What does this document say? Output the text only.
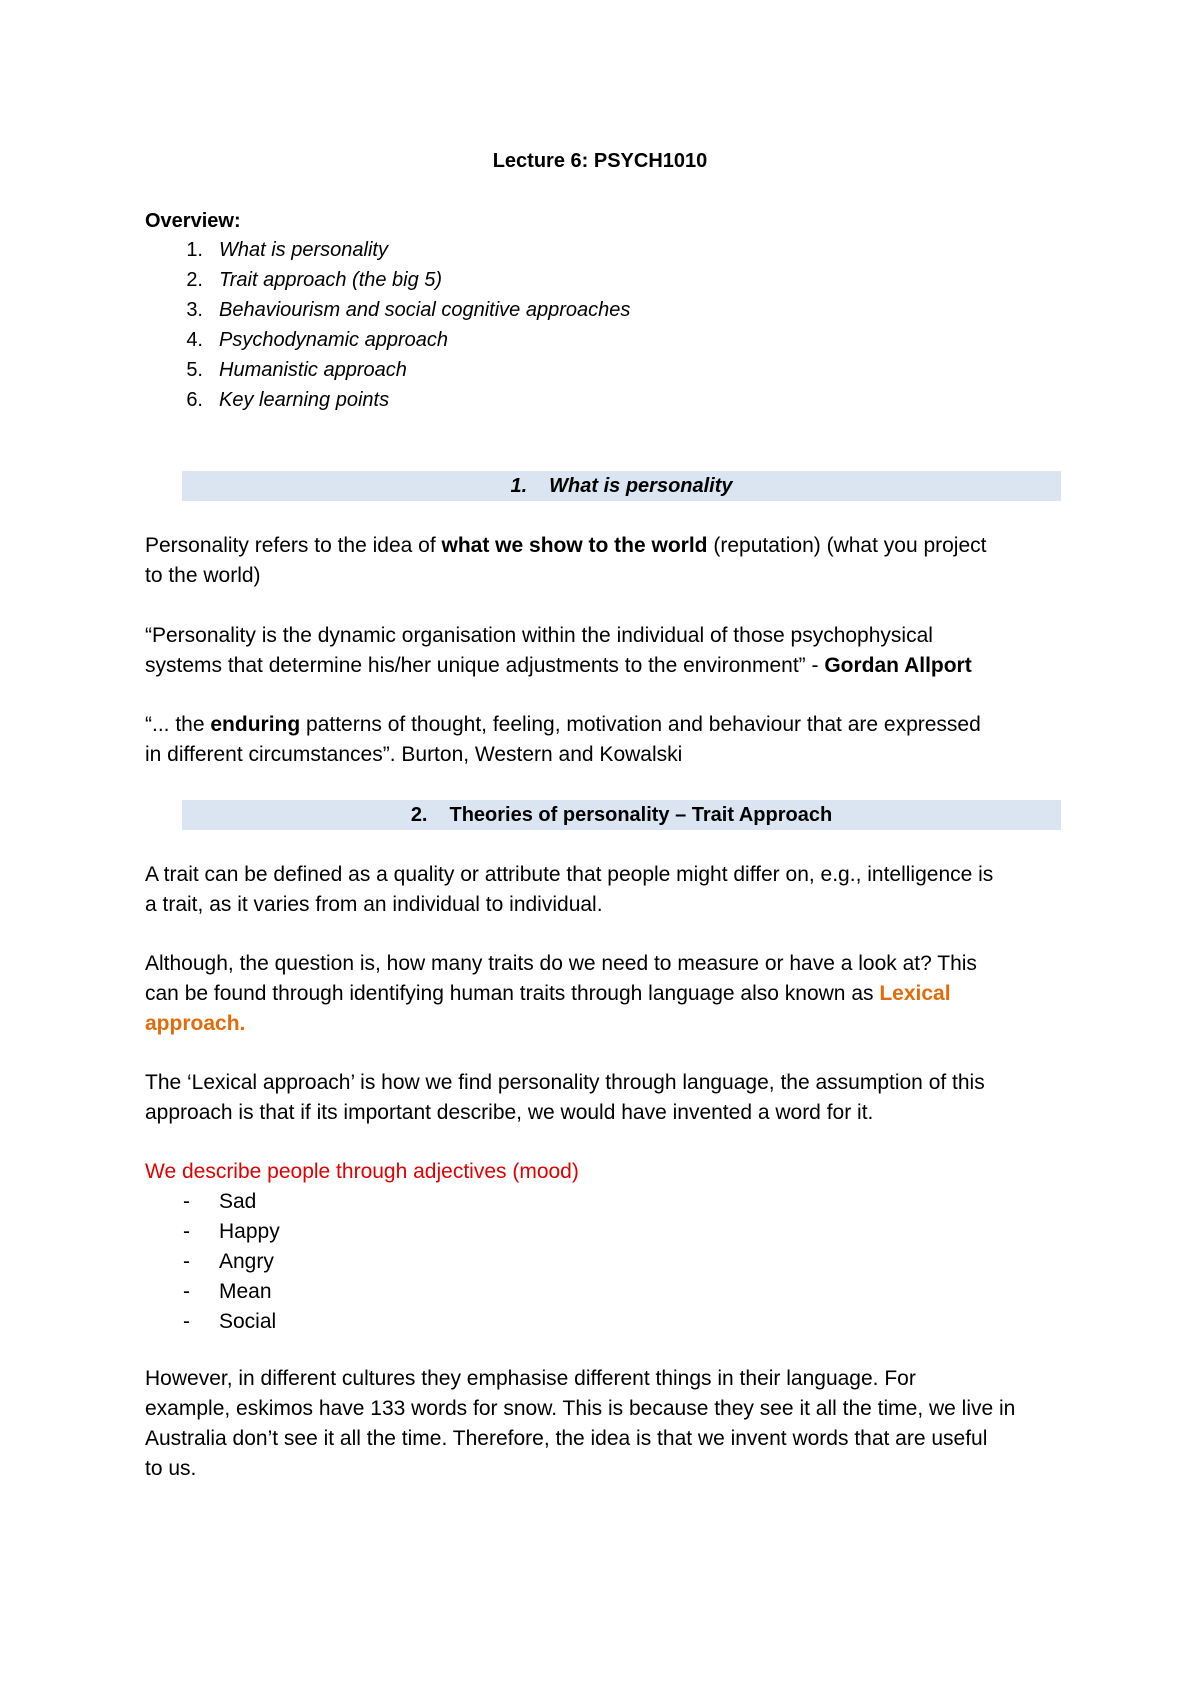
Lecture 6: PSYCH1010
Overview:
1. What is personality
2. Trait approach (the big 5)
3. Behaviourism and social cognitive approaches
4. Psychodynamic approach
5. Humanistic approach
6. Key learning points
1. What is personality
Personality refers to the idea of what we show to the world (reputation) (what you project
to the world)
“Personality is the dynamic organisation within the individual of those psychophysical
systems that determine his/her unique adjustments to the environment” - Gordan Allport
“... the enduring patterns of thought, feeling, motivation and behaviour that are expressed
in different circumstances”. Burton, Western and Kowalski
2. Theories of personality – Trait Approach
A trait can be defined as a quality or attribute that people might differ on, e.g., intelligence is
a trait, as it varies from an individual to individual.
Although, the question is, how many traits do we need to measure or have a look at? This
can be found through identifying human traits through language also known as Lexical
approach.
The ‘Lexical approach’ is how we find personality through language, the assumption of this
approach is that if its important describe, we would have invented a word for it.
We describe people through adjectives (mood)
- Sad
- Happy
- Angry
- Mean
- Social
However, in different cultures they emphasise different things in their language. For
example, eskimos have 133 words for snow. This is because they see it all the time, we live in
Australia don’t see it all the time. Therefore, the idea is that we invent words that are useful
to us.
